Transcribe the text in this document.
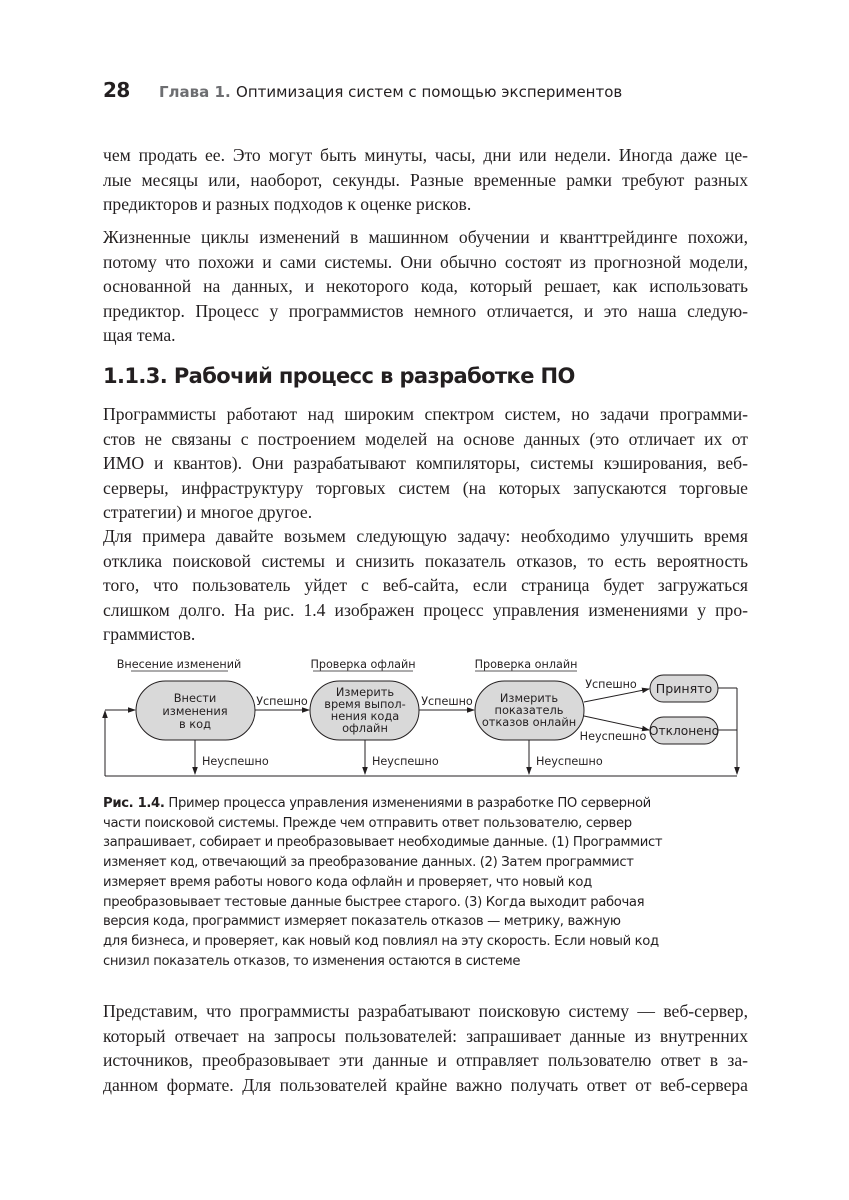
28 Глава 1. Оптимизация систем с помощью экспериментов
чем продать ее. Это могут быть минуты, часы, дни или недели. Иногда даже це-
лые месяцы или, наоборот, секунды. Разные временные рамки требуют разных
предикторов и разных подходов к оценке рисков.
Жизненные циклы изменений в машинном обучении и кванттрейдинге похожи,
потому что похожи и сами системы. Они обычно состоят из прогнозной модели,
основанной на данных, и некоторого кода, который решает, как использовать
предиктор. Процесс у программистов немного отличается, и это наша следую-
щая тема.
1.1.3. Рабочий процесс в разработке ПО
Программисты работают над широким спектром систем, но задачи программи-
стов не связаны с построением моделей на основе данных (это отличает их от
ИМО и квантов). Они разрабатывают компиляторы, системы кэширования, веб-
серверы, инфраструктуру торговых систем (на которых запускаются торговые
стратегии) и многое другое.
Для примера давайте возьмем следующую задачу: необходимо улучшить время
отклика поисковой системы и снизить показатель отказов, то есть вероятность
того, что пользователь уйдет с веб-сайта, если страница будет загружаться
слишком долго. На рис. 1.4 изображен процесс управления изменениями у про-
граммистов.
Внесение изменений	Проверка офлайн	Проверка онлайн
Внести
изменения
в код
Измерить
время выпол-
нения кода
офлайн
Измерить
показатель
отказов онлайн
Принято
Отклонено
Успешно	Успешно
Успешно
Неуспешно
Неуспешно	Неуспешно	Неуспешно
Рис. 1.4. Пример процесса управления изменениями в разработке ПО серверной
части поисковой системы. Прежде чем отправить ответ пользователю, сервер
запрашивает, собирает и преобразовывает необходимые данные. (1) Программист
изменяет код, отвечающий за преобразование данных. (2) Затем программист
измеряет время работы нового кода офлайн и проверяет, что новый код
преобразовывает тестовые данные быстрее старого. (3) Когда выходит рабочая
версия кода, программист измеряет показатель отказов — метрику, важную
для бизнеса, и проверяет, как новый код повлиял на эту скорость. Если новый код
снизил показатель отказов, то изменения остаются в системе
Представим, что программисты разрабатывают поисковую систему — веб-сервер,
который отвечает на запросы пользователей: запрашивает данные из внутренних
источников, преобразовывает эти данные и отправляет пользователю ответ в за-
данном формате. Для пользователей крайне важно получать ответ от веб-сервера
